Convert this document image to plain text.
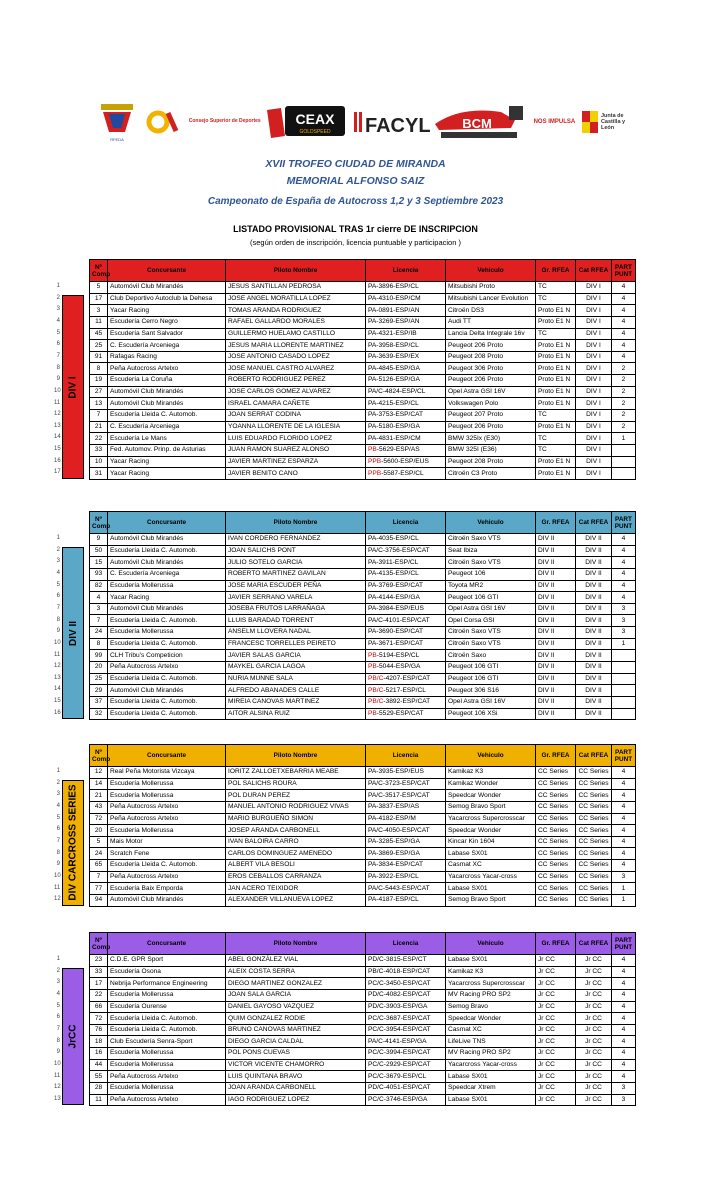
RFEDA
Consejo Superior de Deportes	CEAX
GOLDSPEED FACYL BCM	NOS IMPULSA
Junta de Castilla y León
XVII TROFEO CIUDAD DE MIRANDA
MEMORIAL ALFONSO SAIZ
Campeonato de España de Autocross 1,2 y 3 Septiembre 2023
LISTADO PROVISIONAL TRAS 1r cierre DE INSCRIPCION
(según orden de inscripción, licencia puntuable y participacion )
DIV I
Nº Comp	Concursante	Piloto Nombre	Licencia	Vehiculo	Gr. RFEA	Cat RFEA	PART PUNT
5	Automóvil Club Mirandés	JESUS SANTILLAN PEDROSA	PA-3896-ESP/CL	Mitsubishi Proto	TC	DIV I	4
17	Club Deportivo Autoclub la Dehesa	JOSE ANGEL MORATILLA LOPEZ	PA-4310-ESP/CM	Mitsubishi Lancer Evolution	TC	DIV I	4
3	Yacar Racing	TOMAS ARANDA RODRIGUEZ	PA-0891-ESP/AN	Citroën DS3	Proto E1 N	DIV I	4
11	Escudería Cerro Negro	RAFAEL GALLARDO MORALES	PA-3269-ESP/AN	Audi TT	Proto E1 N	DIV I	4
45	Escudería Sant Salvador	GUILLERMO HUELAMO CASTILLO	PA-4321-ESP/IB	Lancia Delta Integrale 16v	TC	DIV I	4
25	C. Escudería Arceniega	JESUS MARIA LLORENTE MARTINEZ	PA-3958-ESP/CL	Peugeot 206 Proto	Proto E1 N	DIV I	4
91	Rafagas Racing	JOSE ANTONIO CASADO LOPEZ	PA-3639-ESP/EX	Peugeot 208 Proto	Proto E1 N	DIV I	4
8	Peña Autocross Artelxo	JOSE MANUEL CASTRO ALVAREZ	PA-4845-ESP/GA	Peugeot 306 Proto	Proto E1 N	DIV I	2
19	Escudería La Coruña	ROBERTO RODRIGUEZ PEREZ	PA-5126-ESP/GA	Peugeot 206 Proto	Proto E1 N	DIV I	2
27	Automóvil Club Mirandés	JOSE CARLOS GOMEZ ALVAREZ	PA/C-4824-ESP/CL	Opel Astra GSI 16V	Proto E1 N	DIV I	2
13	Automóvil Club Mirandés	ISRAEL CAMARA CAÑETE	PA-4215-ESP/CL	Volkswagen Polo	Proto E1 N	DIV I	2
7	Escudería Lleida C. Automob.	JOAN SERRAT CODINA	PA-3753-ESP/CAT	Peugeot 207 Proto	TC	DIV I	2
21	C. Escudería Arceniega	YOANNA LLORENTE DE LA IGLESIA	PA-5180-ESP/GA	Peugeot 206 Proto	Proto E1 N	DIV I	2
22	Escudería Le Mans	LUIS EDUARDO FLORIDO LOPEZ	PA-4831-ESP/CM	BMW 325Ix (E30)	TC	DIV I	1
33	Fed. Automov. Prinp. de Asturias	JUAN RAMON SUAREZ ALONSO	PB-5629-ESP/AS	BMW 325I (E36)	TC	DIV I	
10	Yacar Racing	JAVIER MARTINEZ ESPARZA	PPB-5600-ESP/EUS	Peugeot 208 Proto	Proto E1 N	DIV I	
31	Yacar Racing	JAVIER BENITO CANO	PPB-5587-ESP/CL	Citroën C3 Proto	Proto E1 N	DIV I	
1
2
3
4
5
6
7
8
9
10
11
12
13
14
15
16
17
DIV II
Nº Comp	Concursante	Piloto Nombre	Licencia	Vehiculo	Gr. RFEA	Cat RFEA	PART PUNT
9	Automóvil Club Mirandés	IVAN CORDERO FERNANDEZ	PA-4035-ESP/CL	Citroën Saxo VTS	DIV II	DIV II	4
50	Escudería Lleida C. Automob.	JOAN SALICHS PONT	PA/C-3756-ESP/CAT	Seat Ibiza	DIV II	DIV II	4
15	Automóvil Club Mirandés	JULIO SOTELO GARCIA	PA-3911-ESP/CL	Citroën Saxo VTS	DIV II	DIV II	4
93	C. Escudería Arceniega	ROBERTO MARTINEZ GAVILAN	PA-4135-ESP/CL	Peugeot 106	DIV II	DIV II	4
82	Escudería Mollerussa	JOSE MARIA ESCUDER PEÑA	PA-3769-ESP/CAT	Toyota MR2	DIV II	DIV II	4
4	Yacar Racing	JAVIER SERRANO VARELA	PA-4144-ESP/GA	Peugeot 106 GTI	DIV II	DIV II	4
3	Automóvil Club Mirandés	JOSEBA FRUTOS LARRAÑAGA	PA-3984-ESP/EUS	Opel Astra GSI 16V	DIV II	DIV II	3
7	Escudería Lleida C. Automob.	LLUIS BARADAD TORRENT	PA/C-4101-ESP/CAT	Opel Corsa GSI	DIV II	DIV II	3
24	Escudería Mollerussa	ANSELM LLOVERA NADAL	PA-3690-ESP/CAT	Citroën Saxo VTS	DIV II	DIV II	3
8	Escudería Lleida C. Automob.	FRANCESC TORRELLES PEIRETO	PA-3671-ESP/CAT	Citroën Saxo VTS	DIV II	DIV II	1
99	CLH Tribu's Competicion	JAVIER SALAS GARCIA	PB-5194-ESP/CL	Citroën Saxo	DIV II	DIV II	
20	Peña Autocross Artelxo	MAYKEL GARCIA LAGOA	PB-5044-ESP/GA	Peugeot 106 GTI	DIV II	DIV II	
25	Escudería Lleida C. Automob.	NURIA MUNNE SALA	PB/C-4207-ESP/CAT	Peugeot 106 GTI	DIV II	DIV II	
29	Automóvil Club Mirandés	ALFREDO ABANADES CALLE	PB/C-5217-ESP/CL	Peugeot 306 S16	DIV II	DIV II	
37	Escudería Lleida C. Automob.	MIREIA CANOVAS MARTINEZ	PB/C-3892-ESP/CAT	Opel Astra GSI 16V	DIV II	DIV II	
32	Escudería Lleida C. Automob.	AITOR ALSINA RUIZ	PB-5529-ESP/CAT	Peugeot 106 XSi	DIV II	DIV II	
1
2
3
4
5
6
7
8
9
10
11
12
13
14
15
16
DIV CARCROSS SERIES
Nº Comp	Concursante	Piloto Nombre	Licencia	Vehiculo	Gr. RFEA	Cat RFEA	PART PUNT
12	Real Peña Motorista Vizcaya	IORITZ ZALLOETXEBARRIA MEABE	PA-3935-ESP/EUS	Kamikaz K3	CC Series	CC Series	4
14	Escudería Mollerussa	POL SALICHS ROURA	PA/C-3723-ESP/CAT	Kamikaz Wonder	CC Series	CC Series	4
21	Escudería Mollerussa	POL DURAN PEREZ	PA/C-3517-ESP/CAT	Speedcar Wonder	CC Series	CC Series	4
43	Peña Autocross Artelxo	MANUEL ANTONIO RODRIGUEZ VIVAS	PA-3837-ESP/AS	Semog Bravo Sport	CC Series	CC Series	4
72	Peña Autocross Artelxo	MARIO BURGUEÑO SIMON	PA-4182-ESP/M	Yacarcross Supercrosscar	CC Series	CC Series	4
20	Escudería Mollerussa	JOSEP ARANDA CARBONELL	PA/C-4050-ESP/CAT	Speedcar Wonder	CC Series	CC Series	4
5	Mais Motor	IVAN BALOIRA CARRO	PA-3285-ESP/GA	Kincar Kin 1604	CC Series	CC Series	4
24	Scratch Fene	CARLOS DOMINGUEZ AMENEDO	PA-3869-ESP/GA	Labase SX01	CC Series	CC Series	4
65	Escudería Lleida C. Automob.	ALBERT VILA BESOLI	PA-3834-ESP/CAT	Casmat XC	CC Series	CC Series	4
7	Peña Autocross Artelxo	EROS CEBALLOS CARRANZA	PA-3922-ESP/CL	Yacarcross Yacar-cross	CC Series	CC Series	3
77	Escudería Baix Emporda	JAN ACERO TEIXIDOR	PA/C-5443-ESP/CAT	Labase SX01	CC Series	CC Series	1
94	Automóvil Club Mirandés	ALEXANDER VILLANUEVA LOPEZ	PA-4187-ESP/CL	Semog Bravo Sport	CC Series	CC Series	1
1
2
3
4
5
6
7
8
9
10
11
12
JrCC
Nº Comp	Concursante	Piloto Nombre	Licencia	Vehiculo	Gr. RFEA	Cat RFEA	PART PUNT
23	C.D.E. GPR Sport	ABEL GONZÁLEZ VIAL	PD/C-3815-ESP/CT	Labase SX01	Jr CC	Jr CC	4
33	Escudería Osona	ALEIX COSTA SERRA	PB/C-4018-ESP/CAT	Kamikaz K3	Jr CC	Jr CC	4
17	Nebrija Performance Engineering	DIEGO MARTINEZ GONZALEZ	PC/C-3450-ESP/CAT	Yacarcross Supercrosscar	Jr CC	Jr CC	4
22	Escudería Mollerussa	JOAN SALA GARCIA	PD/C-4082-ESP/CAT	MV Racing PRO SP2	Jr CC	Jr CC	4
66	Escudería Ourense	DANIEL GAYOSO VAZQUEZ	PD/C-3903-ESP/GA	Semog Bravo	Jr CC	Jr CC	4
72	Escudería Lleida C. Automob.	QUIM GONZALEZ RODIE	PC/C-3687-ESP/CAT	Speedcar Wonder	Jr CC	Jr CC	4
76	Escudería Lleida C. Automob.	BRUNO CANOVAS MARTINEZ	PC/C-3954-ESP/CAT	Casmat XC	Jr CC	Jr CC	4
18	Club Escudería Senra-Sport	DIEGO GARCIA CALDAL	PA/C-4141-ESP/GA	LifeLive TNS	Jr CC	Jr CC	4
16	Escudería Mollerussa	POL PONS CUEVAS	PC/C-3994-ESP/CAT	MV Racing PRO SP2	Jr CC	Jr CC	4
44	Escudería Mollerussa	VICTOR VICENTE CHAMORRO	PC/C-2929-ESP/CAT	Yacarcross Yacar-cross	Jr CC	Jr CC	4
55	Peña Autocross Artelxo	LUIS QUINTANA BRAVO	PC/C-3679-ESP/CL	Labase SX01	Jr CC	Jr CC	4
28	Escudería Mollerussa	JOAN ARANDA CARBONELL	PD/C-4051-ESP/CAT	Speedcar Xtrem	Jr CC	Jr CC	3
11	Peña Autocross Artelxo	IAGO RODRIGUEZ LOPEZ	PC/C-3746-ESP/GA	Labase SX01	Jr CC	Jr CC	3
1
2
3
4
5
6
7
8
9
10
11
12
13
